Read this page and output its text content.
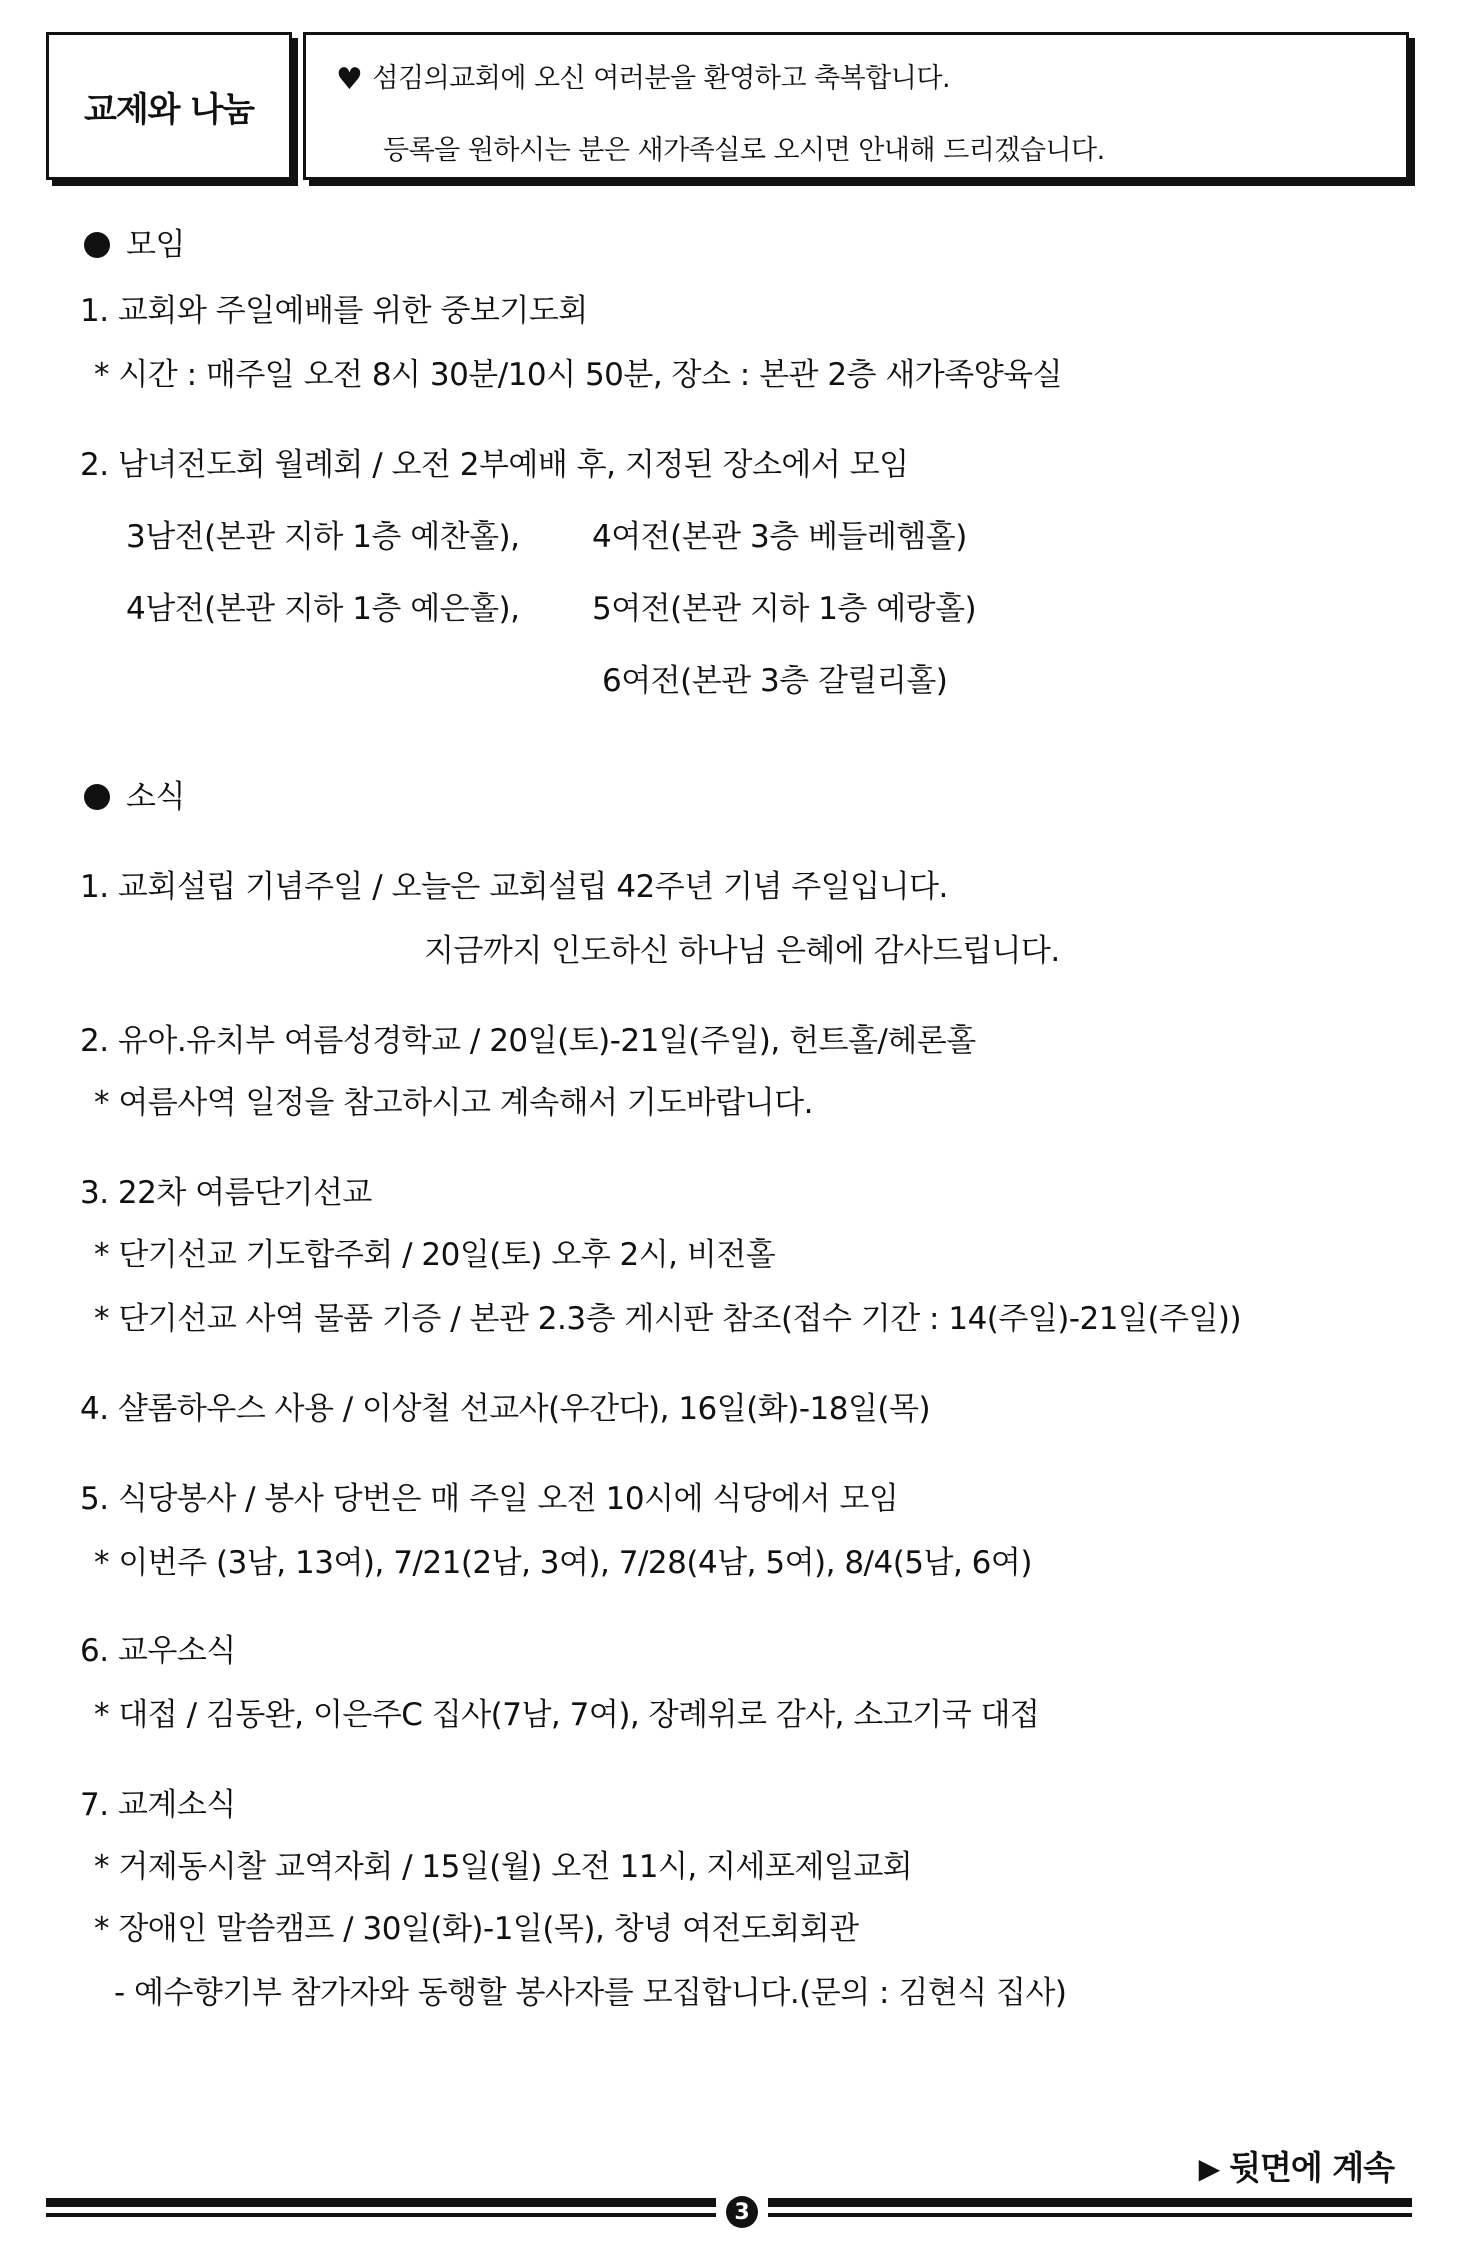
교제와 나눔
♥ 섬김의교회에 오신 여러분을 환영하고 축복합니다.
등록을 원하시는 분은 새가족실로 오시면 안내해 드리겠습니다.
모임
1. 교회와 주일예배를 위한 중보기도회
* 시간 : 매주일 오전 8시 30분/10시 50분, 장소 : 본관 2층 새가족양육실
2. 남녀전도회 월례회 / 오전 2부예배 후, 지정된 장소에서 모임
3남전(본관 지하 1층 예찬홀), 4여전(본관 3층 베들레헴홀)
4남전(본관 지하 1층 예은홀), 5여전(본관 지하 1층 예랑홀)
6여전(본관 3층 갈릴리홀)
소식
1. 교회설립 기념주일 / 오늘은 교회설립 42주년 기념 주일입니다.
지금까지 인도하신 하나님 은혜에 감사드립니다.
2. 유아.유치부 여름성경학교 / 20일(토)-21일(주일), 헌트홀/헤론홀
* 여름사역 일정을 참고하시고 계속해서 기도바랍니다.
3. 22차 여름단기선교
* 단기선교 기도합주회 / 20일(토) 오후 2시, 비전홀
* 단기선교 사역 물품 기증 / 본관 2.3층 게시판 참조(접수 기간 : 14(주일)-21일(주일))
4. 샬롬하우스 사용 / 이상철 선교사(우간다), 16일(화)-18일(목)
5. 식당봉사 / 봉사 당번은 매 주일 오전 10시에 식당에서 모임
* 이번주 (3남, 13여), 7/21(2남, 3여), 7/28(4남, 5여), 8/4(5남, 6여)
6. 교우소식
* 대접 / 김동완, 이은주C 집사(7남, 7여), 장례위로 감사, 소고기국 대접
7. 교계소식
* 거제동시찰 교역자회 / 15일(월) 오전 11시, 지세포제일교회
* 장애인 말씀캠프 / 30일(화)-1일(목), 창녕 여전도회회관
- 예수향기부 참가자와 동행할 봉사자를 모집합니다.(문의 : 김현식 집사)
▶ 뒷면에 계속
3
